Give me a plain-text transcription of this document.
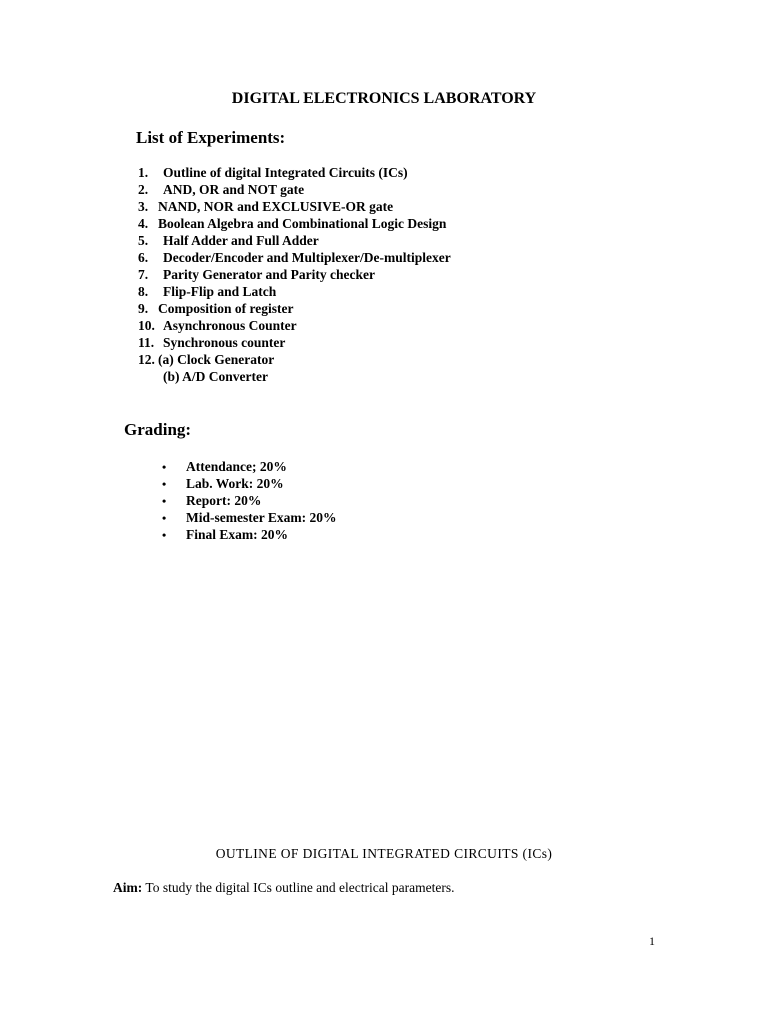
DIGITAL ELECTRONICS LABORATORY
List of Experiments:
1. Outline of digital Integrated Circuits (ICs)
2. AND, OR and NOT gate
3. NAND, NOR and EXCLUSIVE-OR gate
4. Boolean Algebra and Combinational Logic Design
5. Half Adder and Full Adder
6. Decoder/Encoder and Multiplexer/De-multiplexer
7. Parity Generator and Parity checker
8. Flip-Flip and Latch
9. Composition of register
10. Asynchronous Counter
11. Synchronous counter
12. (a) Clock Generator
(b) A/D Converter
Grading:
• Attendance; 20%
• Lab. Work: 20%
• Report: 20%
• Mid-semester Exam: 20%
• Final Exam: 20%
OUTLINE OF DIGITAL INTEGRATED CIRCUITS (ICs)
Aim: To study the digital ICs outline and electrical parameters.
1
